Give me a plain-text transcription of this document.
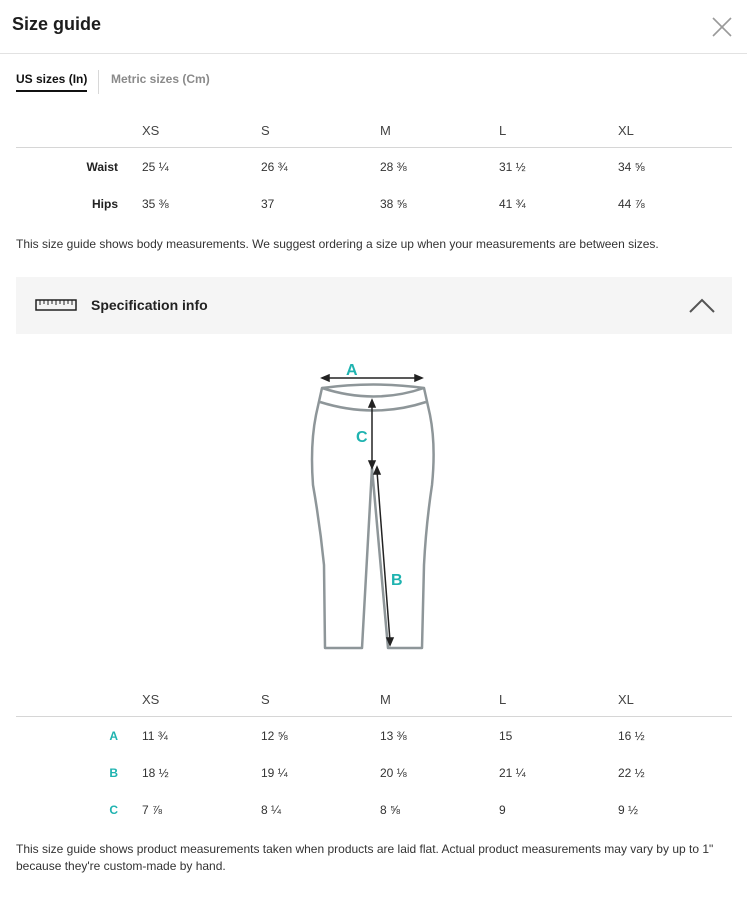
Size guide
US sizes (In) Metric sizes (Cm)
XS	S	M	L	XL
Waist 25 ¼	26 ¾	28 ⅜	31 ½	34 ⅝
Hips 35 ⅜	37	38 ⅝	41 ¾	44 ⅞
This size guide shows body measurements. We suggest ordering a size up when your measurements are between sizes.
Specification info
A
C
B
XS	S	M	L	XL
A 11 ¾	12 ⅝	13 ⅜	15	16 ½
B 18 ½	19 ¼	20 ⅛	21 ¼	22 ½
C 7 ⅞	8 ¼	8 ⅝	9	9 ½
This size guide shows product measurements taken when products are laid flat. Actual product measurements may vary by up to 1"
because they're custom-made by hand.
